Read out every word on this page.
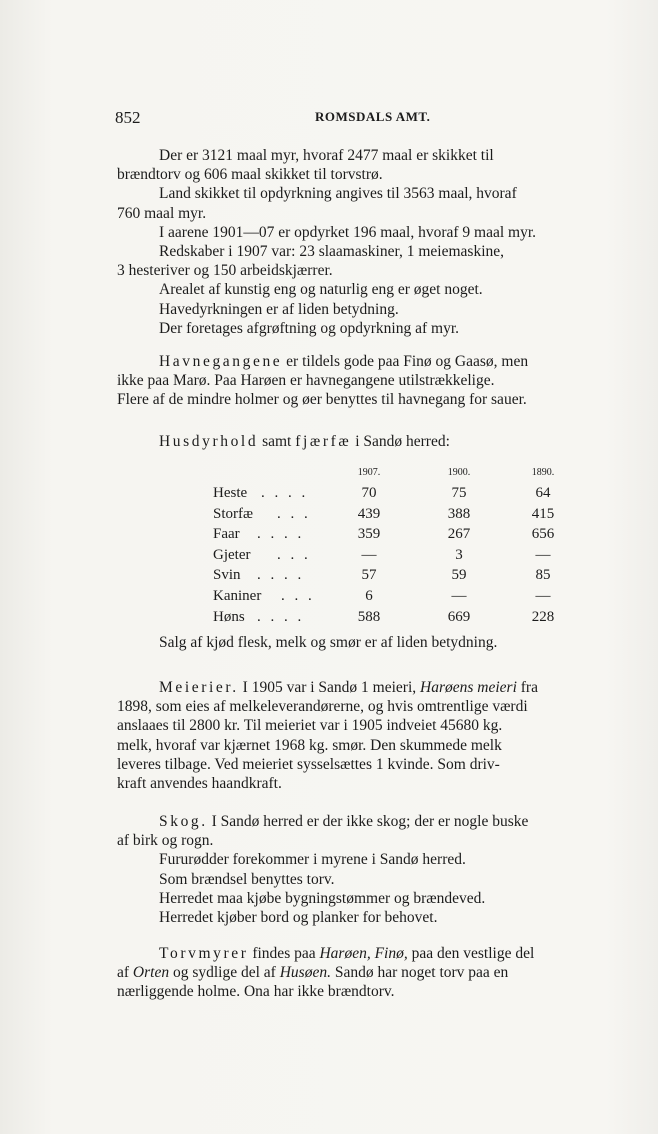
852	ROMSDALS AMT.
Der er 3121 maal myr, hvoraf 2477 maal er skikket til
brændtorv og 606 maal skikket til torvstrø.
Land skikket til opdyrkning angives til 3563 maal, hvoraf
760 maal myr.
I aarene 1901—07 er opdyrket 196 maal, hvoraf 9 maal myr.
Redskaber i 1907 var: 23 slaamaskiner, 1 meiemaskine,
3 hesteriver og 150 arbeidskjærrer.
Arealet af kunstig eng og naturlig eng er øget noget.
Havedyrkningen er af liden betydning.
Der foretages afgrøftning og opdyrkning af myr.
Havnegangene er tildels gode paa Finø og Gaasø, men
ikke paa Marø. Paa Harøen er havnegangene utilstrækkelige.
Flere af de mindre holmer og øer benyttes til havnegang for sauer.
Husdyrhold samt fjærfæ i Sandø herred:
1907.	1900.	1890.
Heste . . . .	70	75	64
Storfæ . . .	439	388	415
Faar . . . .	359	267	656
Gjeter . . .	—	3	—
Svin . . . .	57	59	85
Kaniner . . .	6	—	—
Høns . . . .	588	669	228
Salg af kjød flesk, melk og smør er af liden betydning.
Meierier. I 1905 var i Sandø 1 meieri, Harøens meieri fra
1898, som eies af melkeleverandørerne, og hvis omtrentlige værdi
anslaaes til 2800 kr. Til meieriet var i 1905 indveiet 45680 kg.
melk, hvoraf var kjærnet 1968 kg. smør. Den skummede melk
leveres tilbage. Ved meieriet sysselsættes 1 kvinde. Som driv-
kraft anvendes haandkraft.
Skog. I Sandø herred er der ikke skog; der er nogle buske
af birk og rogn.
Fururødder forekommer i myrene i Sandø herred.
Som brændsel benyttes torv.
Herredet maa kjøbe bygningstømmer og brændeved.
Herredet kjøber bord og planker for behovet.
Torvmyrer findes paa Harøen, Finø, paa den vestlige del
af Orten og sydlige del af Husøen. Sandø har noget torv paa en
nærliggende holme. Ona har ikke brændtorv.
